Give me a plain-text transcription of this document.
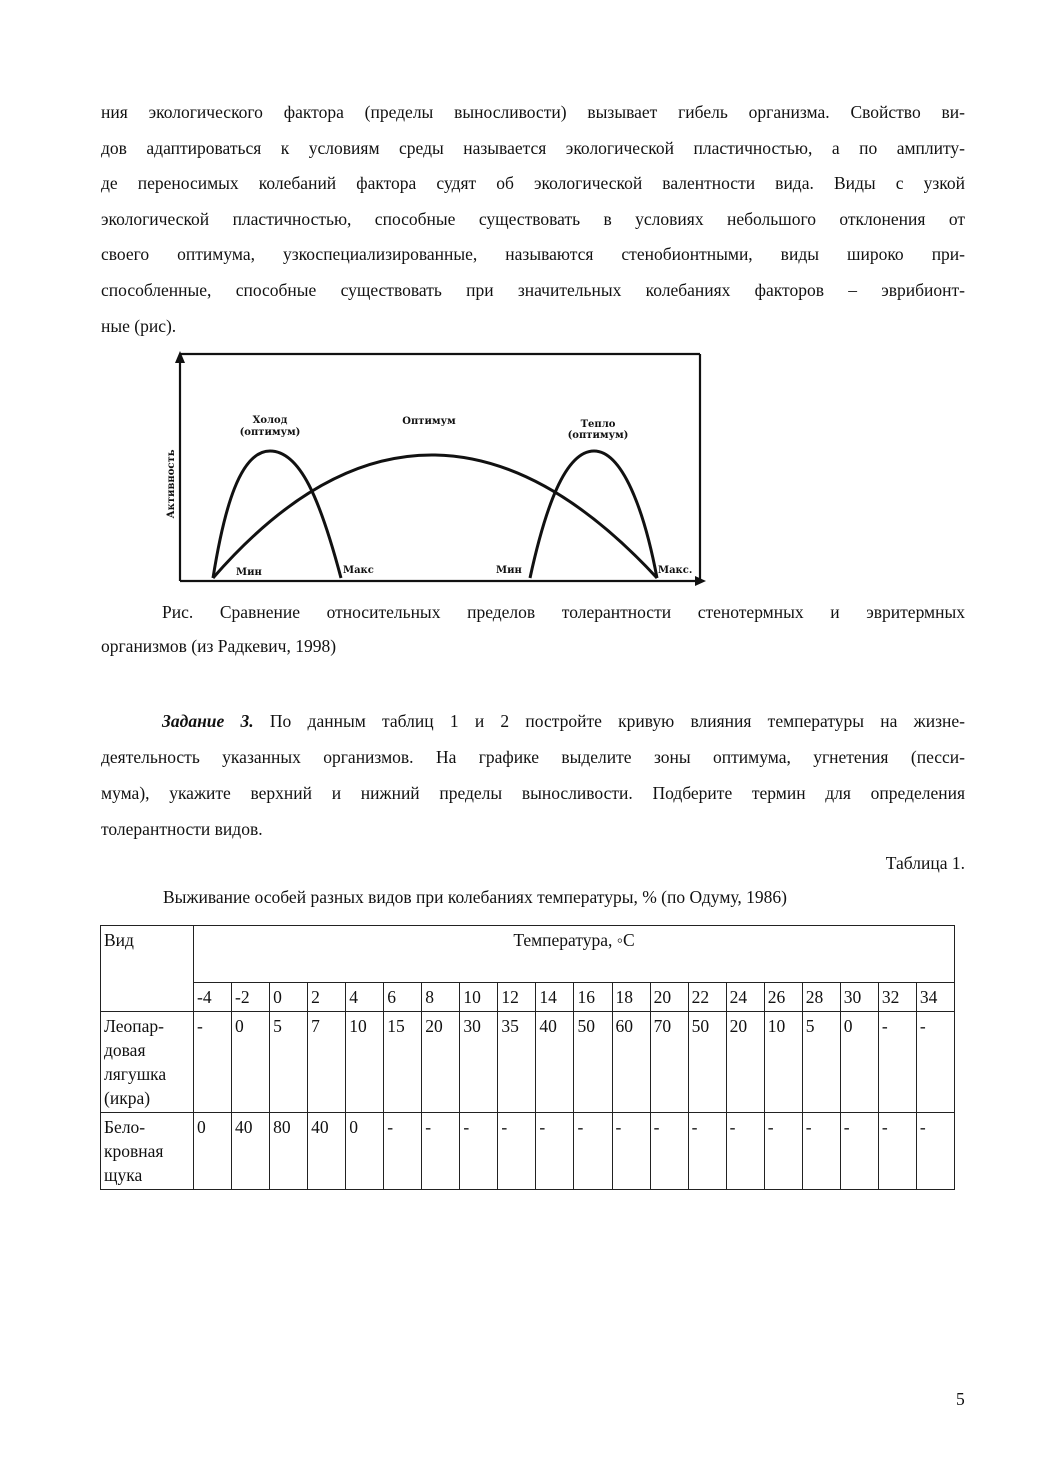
ния экологического фактора (пределы выносливости) вызывает гибель организма. Свойство ви-
дов адаптироваться к условиям среды называется экологической пластичностью, а по амплиту-
де переносимых колебаний фактора судят об экологической валентности вида. Виды с узкой
экологической пластичностью, способные существовать в условиях небольшого отклонения от
своего оптимума, узкоспециализированные, называются стенобионтными, виды широко при-
способленные, способные существовать при значительных колебаниях факторов – эврибионт-
ные (рис).
Активность
Холод
(оптимум)
Оптимум	Тепло
(оптимум)
Мин	Макс	Мин	Макс.
Рис. Сравнение относительных пределов толерантности стенотермных и эвритермных
организмов (из Радкевич, 1998)
Задание 3. По данным таблиц 1 и 2 постройте кривую влияния температуры на жизне-
деятельность указанных организмов. На графике выделите зоны оптимума, угнетения (песси-
мума), укажите верхний и нижний пределы выносливости. Подберите термин для определения
толерантности видов.
Таблица 1.
Выживание особей разных видов при колебаниях температуры, % (по Одуму, 1986)
Вид	Температура, ◦С																			
	-4	-2	0	2	4	6	8	10	12	14	16	18	20	22	24	26	28	30	32	34
Леопар-
довая
лягушка
(икра)	-	0	5	7	10	15	20	30	35	40	50	60	70	50	20	10	5	0	-	-
Бело-
кровная
щука	0	40	80	40	0	-	-	-	-	-	-	-	-	-	-	-	-	-	-	-
5
